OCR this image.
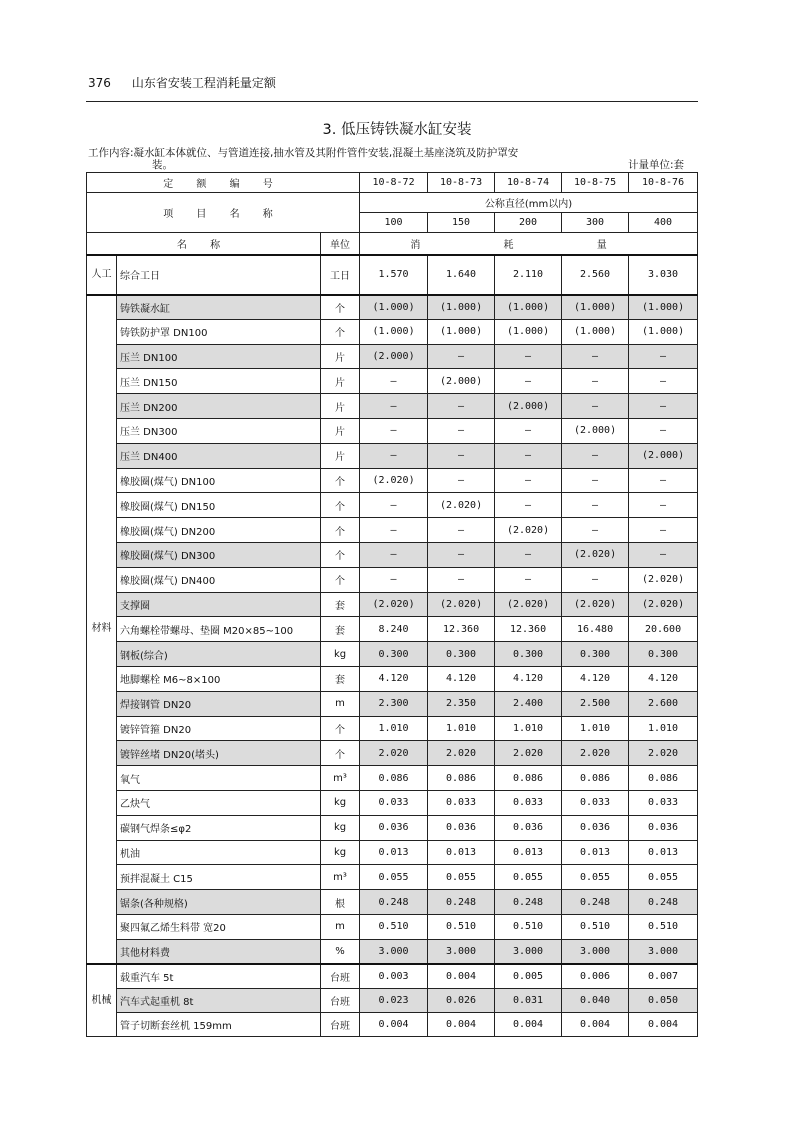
376 山东省安装工程消耗量定额
3. 低压铸铁凝水缸安装
工作内容:凝水缸本体就位、与管道连接,抽水管及其附件管件安装,混凝土基座浇筑及防护罩安
装。	计量单位:套
定 额 编 号			10-8-72	10-8-73	10-8-74	10-8-75	10-8-76
项 目 名 称			公称直径(mm以内)				
			100	150	200	300	400
名 称		单位	消 耗 量				
人工	综合工日	工日	1.570	1.640	2.110	2.560	3.030
材料	铸铁凝水缸	个	(1.000)	(1.000)	(1.000)	(1.000)	(1.000)
	铸铁防护罩 DN100	个	(1.000)	(1.000)	(1.000)	(1.000)	(1.000)
	压兰 DN100	片	(2.000)	—	—	—	—
	压兰 DN150	片	—	(2.000)	—	—	—
	压兰 DN200	片	—	—	(2.000)	—	—
	压兰 DN300	片	—	—	—	(2.000)	—
	压兰 DN400	片	—	—	—	—	(2.000)
	橡胶圈(煤气) DN100	个	(2.020)	—	—	—	—
	橡胶圈(煤气) DN150	个	—	(2.020)	—	—	—
	橡胶圈(煤气) DN200	个	—	—	(2.020)	—	—
	橡胶圈(煤气) DN300	个	—	—	—	(2.020)	—
	橡胶圈(煤气) DN400	个	—	—	—	—	(2.020)
	支撑圈	套	(2.020)	(2.020)	(2.020)	(2.020)	(2.020)
	六角螺栓带螺母、垫圈 M20×85~100	套	8.240	12.360	12.360	16.480	20.600
	钢板(综合)	kg	0.300	0.300	0.300	0.300	0.300
	地脚螺栓 M6~8×100	套	4.120	4.120	4.120	4.120	4.120
	焊接钢管 DN20	m	2.300	2.350	2.400	2.500	2.600
	镀锌管箍 DN20	个	1.010	1.010	1.010	1.010	1.010
	镀锌丝堵 DN20(堵头)	个	2.020	2.020	2.020	2.020	2.020
	氧气	m³	0.086	0.086	0.086	0.086	0.086
	乙炔气	kg	0.033	0.033	0.033	0.033	0.033
	碳钢气焊条≤φ2	kg	0.036	0.036	0.036	0.036	0.036
	机油	kg	0.013	0.013	0.013	0.013	0.013
	预拌混凝土 C15	m³	0.055	0.055	0.055	0.055	0.055
	锯条(各种规格)	根	0.248	0.248	0.248	0.248	0.248
	聚四氟乙烯生料带 宽20	m	0.510	0.510	0.510	0.510	0.510
	其他材料费	%	3.000	3.000	3.000	3.000	3.000
机械	载重汽车 5t	台班	0.003	0.004	0.005	0.006	0.007
	汽车式起重机 8t	台班	0.023	0.026	0.031	0.040	0.050
	管子切断套丝机 159mm	台班	0.004	0.004	0.004	0.004	0.004
